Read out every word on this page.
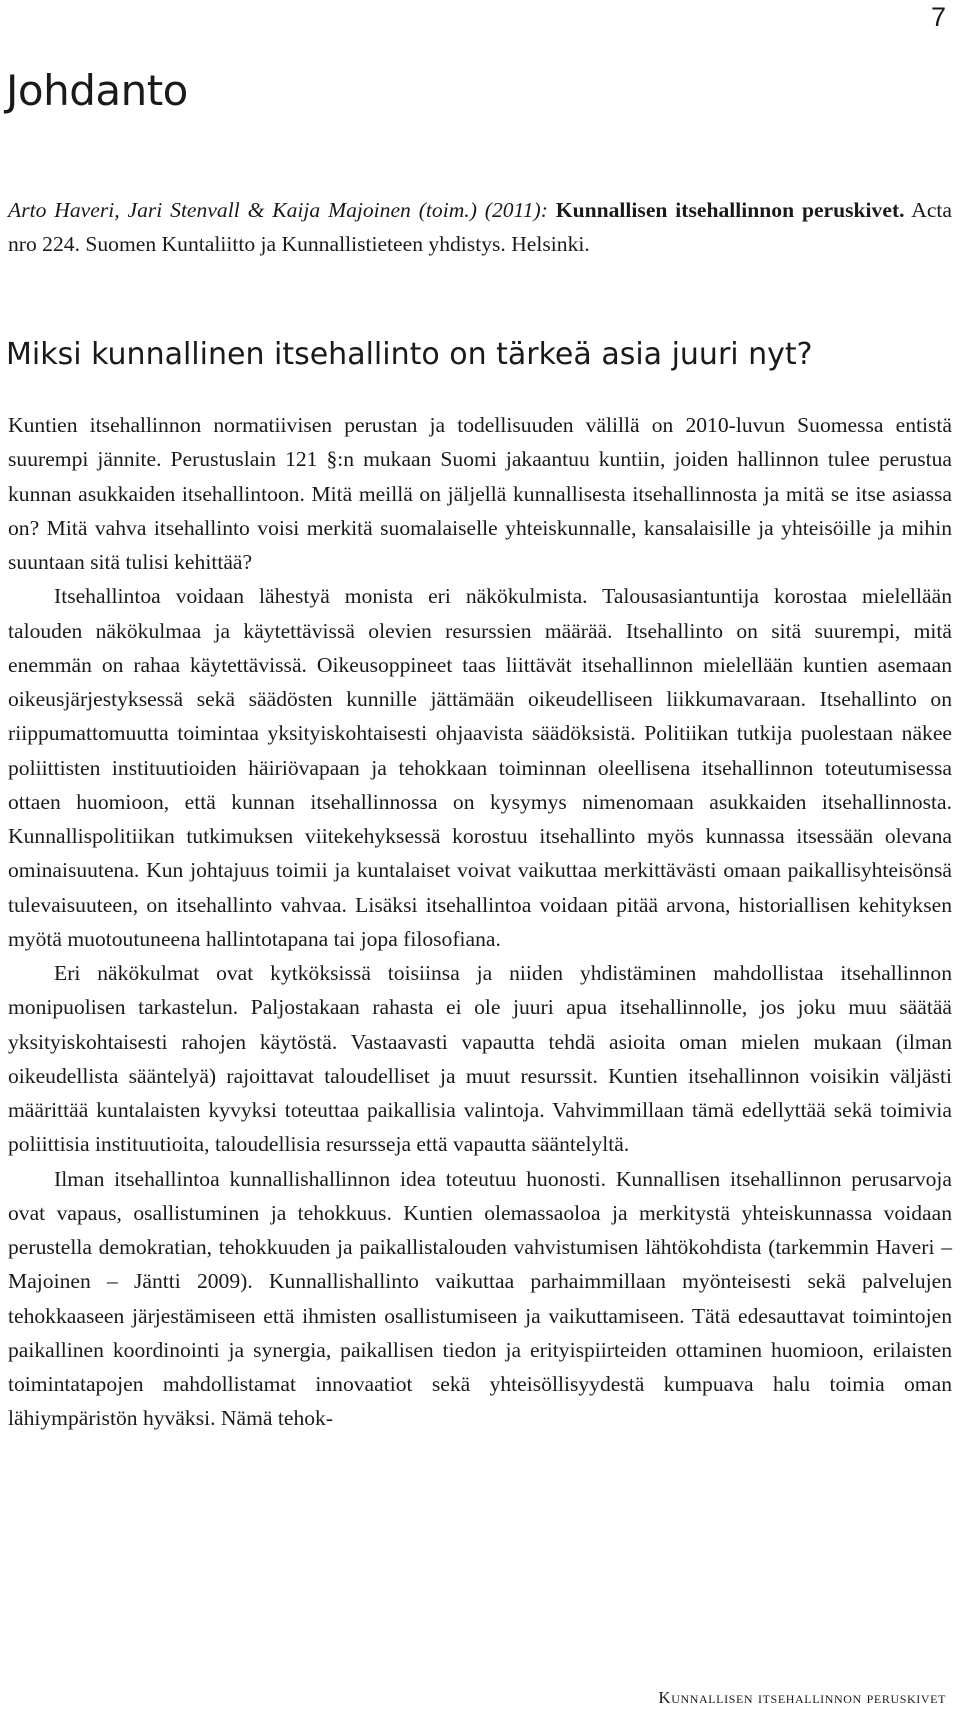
7
Johdanto

Arto Haveri, Jari Stenvall & Kaija Majoinen (toim.) (2011): Kunnallisen itsehallinnon peruskivet. Acta nro 224. Suomen Kuntaliitto ja Kunnallistieteen yhdistys. Helsinki.

Miksi kunnallinen itsehallinto on tärkeä asia juuri nyt?

Kuntien itsehallinnon normatiivisen perustan ja todellisuuden välillä on 2010-luvun Suomessa entistä suurempi jännite. Perustuslain 121 §:n mukaan Suomi jakaantuu kuntiin, joiden hallinnon tulee perustua kunnan asukkaiden itsehallintoon. Mitä meillä on jäljellä kunnallisesta itsehallinnosta ja mitä se itse asiassa on? Mitä vahva itsehallinto voisi merkitä suomalaiselle yhteiskunnalle, kansalaisille ja yhteisöille ja mihin suuntaan sitä tulisi kehittää?

Itsehallintoa voidaan lähestyä monista eri näkökulmista. Talousasiantuntija korostaa mielellään talouden näkökulmaa ja käytettävissä olevien resurssien määrää. Itsehallinto on sitä suurempi, mitä enemmän on rahaa käytettävissä. Oikeusoppineet taas liittävät itsehallinnon mielellään kuntien asemaan oikeusjärjestyksessä sekä säädösten kunnille jättämään oikeudelliseen liikkumavaraan. Itsehallinto on riippumattomuutta toimintaa yksityiskohtaisesti ohjaavista säädöksistä. Politiikan tutkija puolestaan näkee poliittisten instituutioiden häiriövapaan ja tehokkaan toiminnan oleellisena itsehallinnon toteutumisessa ottaen huomioon, että kunnan itsehallinnossa on kysymys nimenomaan asukkaiden itsehallinnosta. Kunnallispolitiikan tutkimuksen viitekehyksessä korostuu itsehallinto myös kunnassa itsessään olevana ominaisuutena. Kun johtajuus toimii ja kuntalaiset voivat vaikuttaa merkittävästi omaan paikallisyhteisönsä tulevaisuuteen, on itsehallinto vahvaa. Lisäksi itsehallintoa voidaan pitää arvona, historiallisen kehityksen myötä muotoutuneena hallintotapana tai jopa filosofiana.

Eri näkökulmat ovat kytköksissä toisiinsa ja niiden yhdistäminen mahdollistaa itsehallinnon monipuolisen tarkastelun. Paljostakaan rahasta ei ole juuri apua itsehallinnolle, jos joku muu säätää yksityiskohtaisesti rahojen käytöstä. Vastaavasti vapautta tehdä asioita oman mielen mukaan (ilman oikeudellista sääntelyä) rajoittavat taloudelliset ja muut resurssit. Kuntien itsehallinnon voisikin väljästi määrittää kuntalaisten kyvyksi toteuttaa paikallisia valintoja. Vahvimmillaan tämä edellyttää sekä toimivia poliittisia instituutioita, taloudellisia resursseja että vapautta sääntelyltä.

Ilman itsehallintoa kunnallishallinnon idea toteutuu huonosti. Kunnallisen itsehallinnon perusarvoja ovat vapaus, osallistuminen ja tehokkuus. Kuntien olemassaoloa ja merkitystä yhteiskunnassa voidaan perustella demokratian, tehokkuuden ja paikallistalouden vahvistumisen lähtökohdista (tarkemmin Haveri – Majoinen – Jäntti 2009). Kunnallishallinto vaikuttaa parhaimmillaan myönteisesti sekä palvelujen tehokkaaseen järjestämiseen että ihmisten osallistumiseen ja vaikuttamiseen. Tätä edesauttavat toimintojen paikallinen koordinointi ja synergia, paikallisen tiedon ja erityispiirteiden ottaminen huomioon, erilaisten toimintatapojen mahdollistamat innovaatiot sekä yhteisöllisyydestä kumpuava halu toimia oman lähiympäristön hyväksi. Nämä tehok-

Kunnallisen itsehallinnon peruskivet
